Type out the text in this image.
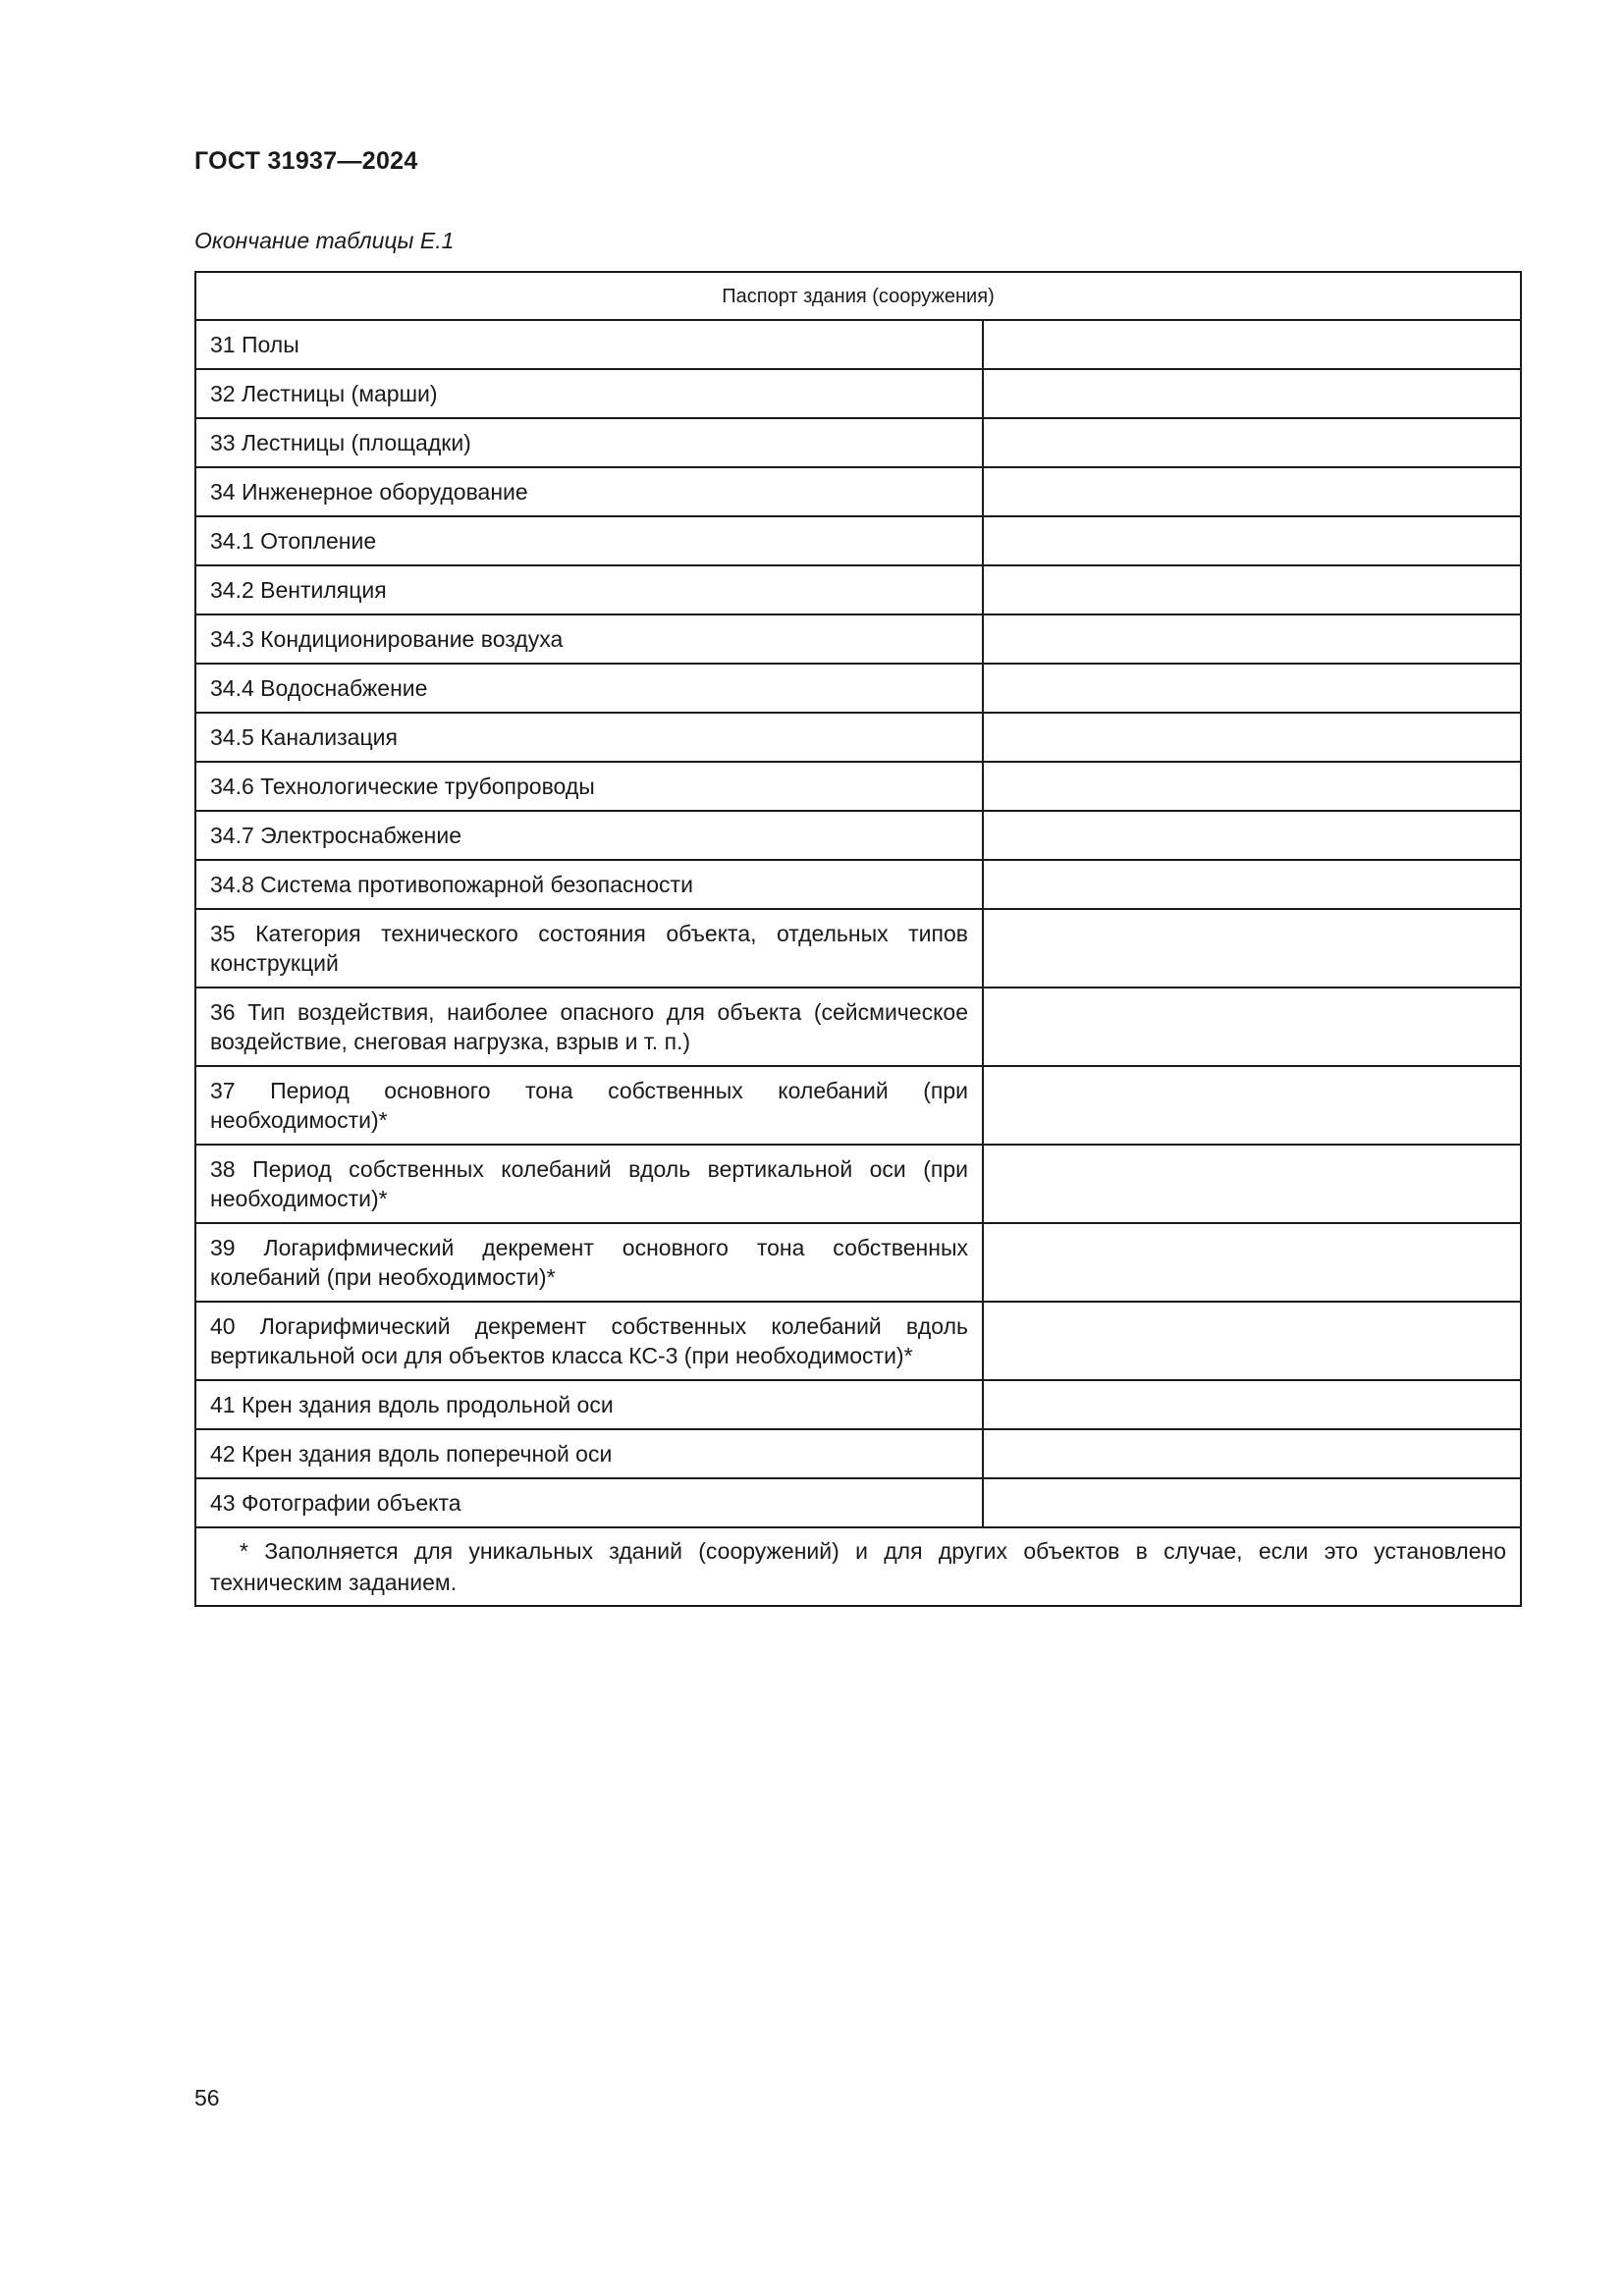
ГОСТ 31937—2024
Окончание таблицы Е.1
Паспорт здания (сооружения)	
31 Полы	
32 Лестницы (марши)	
33 Лестницы (площадки)	
34 Инженерное оборудование	
34.1 Отопление	
34.2 Вентиляция	
34.3 Кондиционирование воздуха	
34.4 Водоснабжение	
34.5 Канализация	
34.6 Технологические трубопроводы	
34.7 Электроснабжение	
34.8 Система противопожарной безопасности	
35 Категория технического состояния объекта, отдельных типов конструкций	
36 Тип воздействия, наиболее опасного для объекта (сейсмическое воздействие, снеговая нагрузка, взрыв и т. п.)	
37 Период основного тона собственных колебаний (при необходимости)*	
38 Период собственных колебаний вдоль вертикальной оси (при необходимости)*	
39 Логарифмический декремент основного тона собственных колебаний (при необходимости)*	
40 Логарифмический декремент собственных колебаний вдоль вертикальной оси для объектов класса КС-3 (при необходимости)*	
41 Крен здания вдоль продольной оси	
42 Крен здания вдоль поперечной оси	
43 Фотографии объекта	

* Заполняется для уникальных зданий (сооружений) и для других объектов в случае, если это установлено техническим заданием.	
56
